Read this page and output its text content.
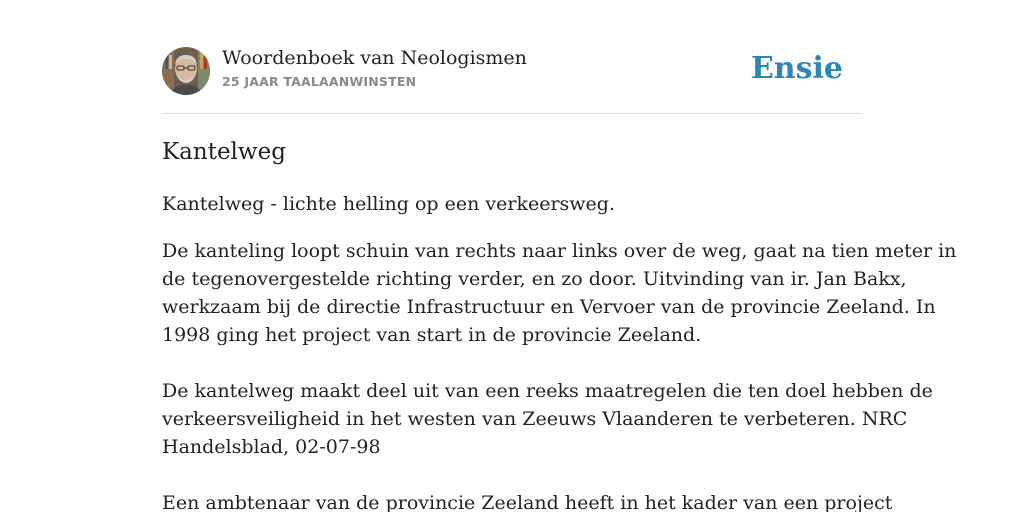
Woordenboek van Neologismen
25 JAAR TAALAANWINSTEN	Ensie
Kantelweg

Kantelweg - lichte helling op een verkeersweg.

De kanteling loopt schuin van rechts naar links over de weg, gaat na tien meter in
de tegenovergestelde richting verder, en zo door. Uitvinding van ir. Jan Bakx,
werkzaam bij de directie Infrastructuur en Vervoer van de provincie Zeeland. In
1998 ging het project van start in de provincie Zeeland.
De kantelweg maakt deel uit van een reeks maatregelen die ten doel hebben de
verkeersveiligheid in het westen van Zeeuws Vlaanderen te verbeteren. NRC
Handelsblad, 02-07-98
Een ambtenaar van de provincie Zeeland heeft in het kader van een project
